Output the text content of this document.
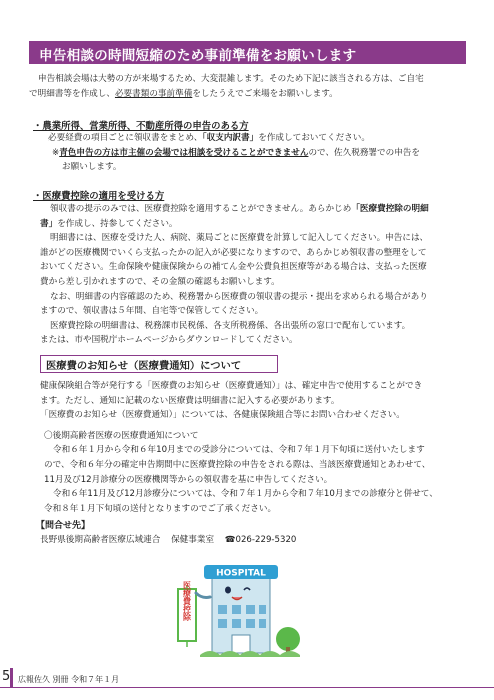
申告相談の時間短縮のため事前準備をお願いします

申告相談会場は大勢の方が来場するため、大変混雑します。そのため下記に該当される方は、ご自宅

で明細書等を作成し、必要書類の事前準備をしたうえでご来場をお願いします。

・農業所得、営業所得、不動産所得の申告のある方

必要経費の項目ごとに領収書をまとめ、「収支内訳書」を作成しておいてください。

※青色申告の方は市主催の会場では相談を受けることができませんので、佐久税務署での申告を

お願いします。

・医療費控除の適用を受ける方

領収書の提示のみでは、医療費控除を適用することができません。あらかじめ「医療費控除の明細

書」を作成し、持参してください。

明細書には、医療を受けた人、病院、薬局ごとに医療費を計算して記入してください。申告には、

誰がどの医療機関でいくら支払ったかの記入が必要になりますので、あらかじめ領収書の整理をして

おいてください。生命保険や健康保険からの補てん金や公費負担医療等がある場合は、支払った医療

費から差し引かれますので、その金額の確認もお願いします。

なお、明細書の内容確認のため、税務署から医療費の領収書の提示・提出を求められる場合があり

ますので、領収書は５年間、自宅等で保管してください。

医療費控除の明細書は、税務課市民税係、各支所税務係、各出張所の窓口で配布しています。

または、市や国税庁ホームページからダウンロードしてください。

医療費のお知らせ（医療費通知）について

健康保険組合等が発行する「医療費のお知らせ（医療費通知）」は、確定申告で使用することができ

ます。ただし、通知に記載のない医療費は明細書に記入する必要があります。

「医療費のお知らせ（医療費通知）」については、各健康保険組合等にお問い合わせください。

〇後期高齢者医療の医療費通知について

令和６年１月から令和６年10月までの受診分については、令和７年１月下旬頃に送付いたします

ので、令和６年分の確定申告期間中に医療費控除の申告をされる際は、当該医療費通知とあわせて、

11月及び12月診療分の医療機関等からの領収書を基に申告してください。

令和６年11月及び12月診療分については、令和７年１月から令和７年10月までの診療分と併せて、

令和８年１月下旬頃の送付となりますのでご了承ください。

【問合せ先】
長野県後期高齢者医療広域連合 保健事業室 ☎026-229-5320
HOSPITAL
医療費控除
5 広報佐久 別冊 令和７年１月
